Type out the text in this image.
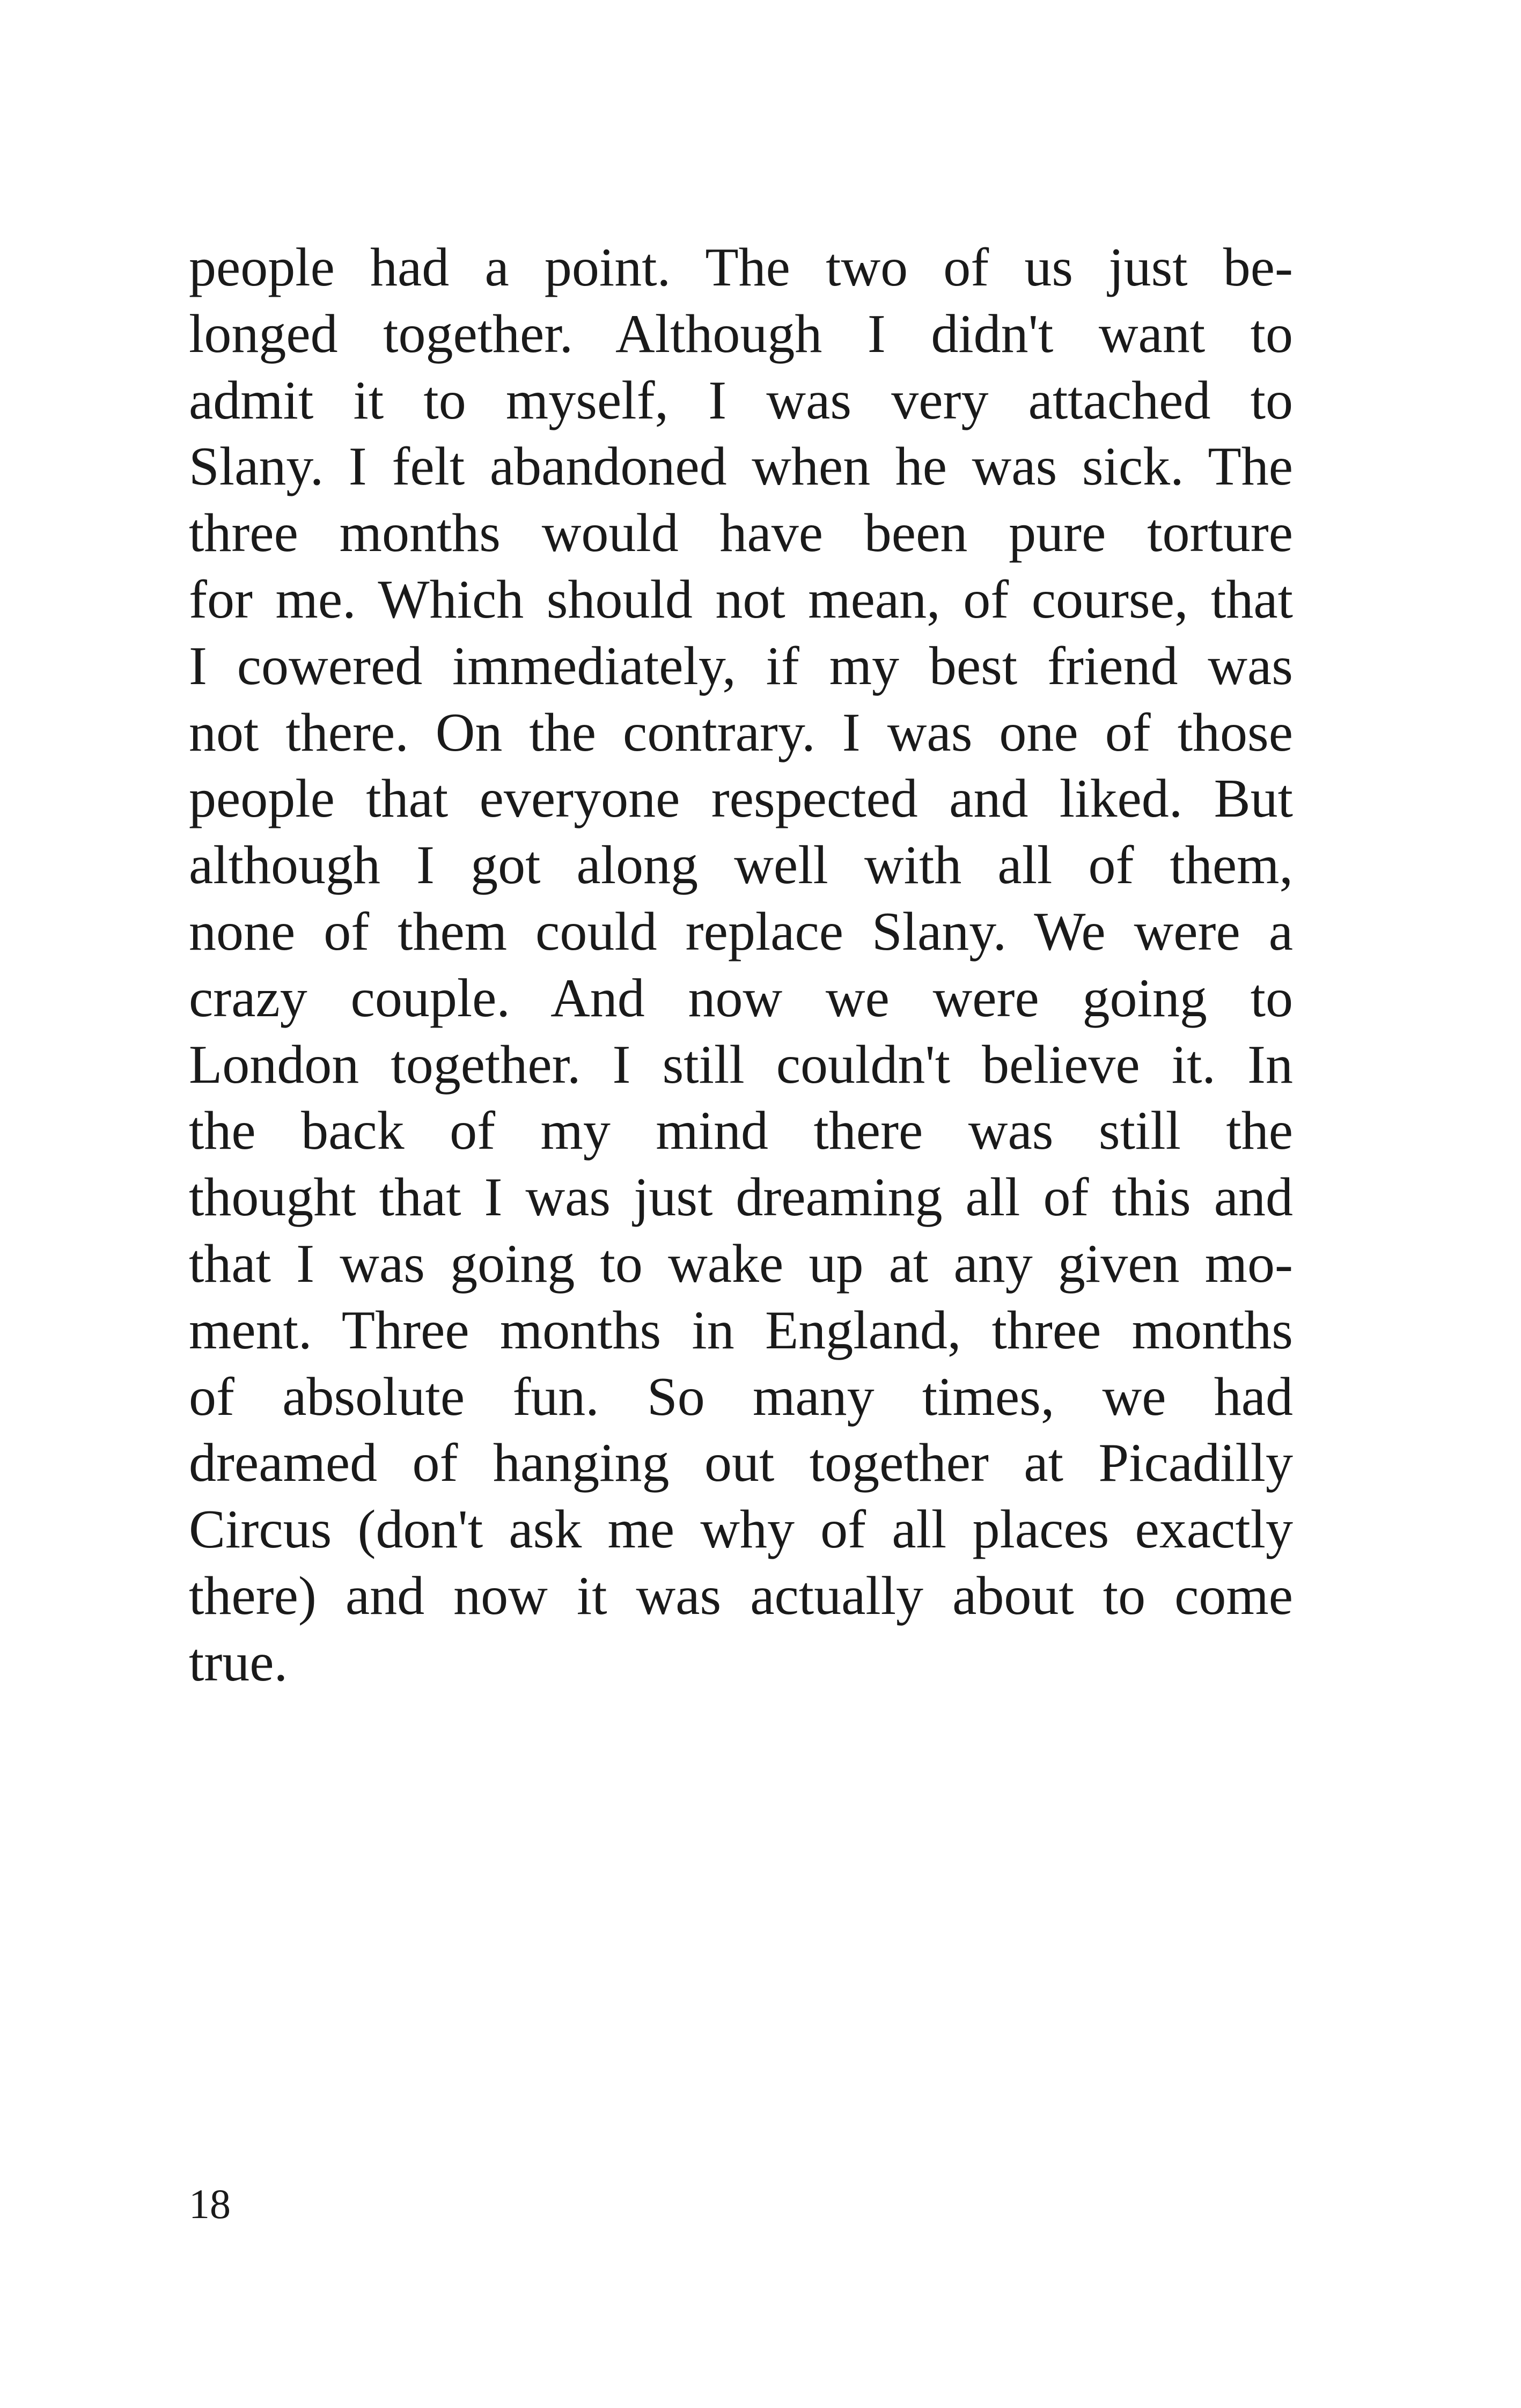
people had a point. The two of us just be-
longed together. Although I didn't want to
admit it to myself, I was very attached to
Slany. I felt abandoned when he was sick. The
three months would have been pure torture
for me. Which should not mean, of course, that
I cowered immediately, if my best friend was
not there. On the contrary. I was one of those
people that everyone respected and liked. But
although I got along well with all of them,
none of them could replace Slany. We were a
crazy couple. And now we were going to
London together. I still couldn't believe it. In
the back of my mind there was still the
thought that I was just dreaming all of this and
that I was going to wake up at any given mo-
ment. Three months in England, three months
of absolute fun. So many times, we had
dreamed of hanging out together at Picadilly
Circus (don't ask me why of all places exactly
there) and now it was actually about to come
true.
18
